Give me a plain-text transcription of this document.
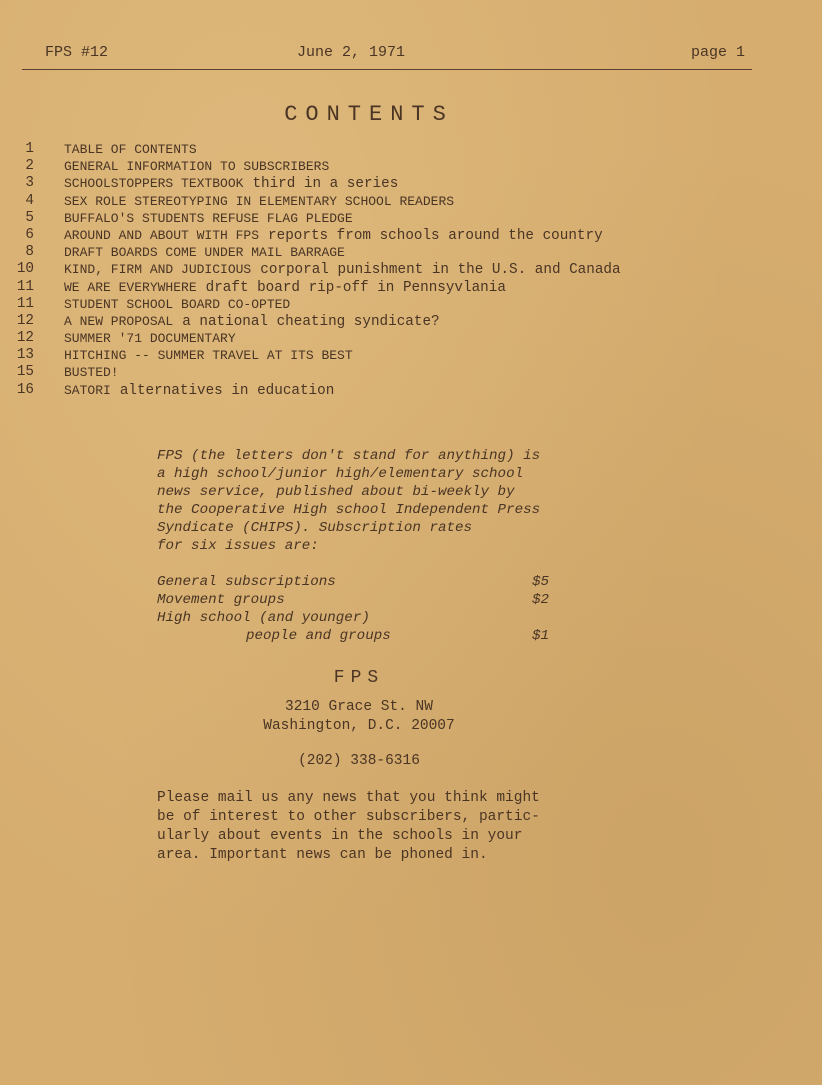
FPS #12	June 2, 1971	page 1
CONTENTS
1 TABLE OF CONTENTS
2 GENERAL INFORMATION TO SUBSCRIBERS
3 SCHOOLSTOPPERS TEXTBOOK third in a series
4 SEX ROLE STEREOTYPING IN ELEMENTARY SCHOOL READERS
5 BUFFALO'S STUDENTS REFUSE FLAG PLEDGE
6 AROUND AND ABOUT WITH FPS reports from schools around the country
8 DRAFT BOARDS COME UNDER MAIL BARRAGE
10 KIND, FIRM AND JUDICIOUS corporal punishment in the U.S. and Canada
11 WE ARE EVERYWHERE draft board rip-off in Pennsyvlania
11 STUDENT SCHOOL BOARD CO-OPTED
12 A NEW PROPOSAL a national cheating syndicate?
12 SUMMER '71 DOCUMENTARY
13 HITCHING -- SUMMER TRAVEL AT ITS BEST
15 BUSTED!
16 SATORI alternatives in education

FPS (the letters don't stand for anything) is
a high school/junior high/elementary school
news service, published about bi-weekly by
the Cooperative High school Independent Press
Syndicate (CHIPS). Subscription rates
for six issues are:

General subscriptions	$5
Movement groups	$2
High school (and younger)
people and groups	$1
FPS
3210 Grace St. NW
Washington, D.C. 20007
(202) 338-6316

Please mail us any news that you think might
be of interest to other subscribers, partic-
ularly about events in the schools in your
area. Important news can be phoned in.
